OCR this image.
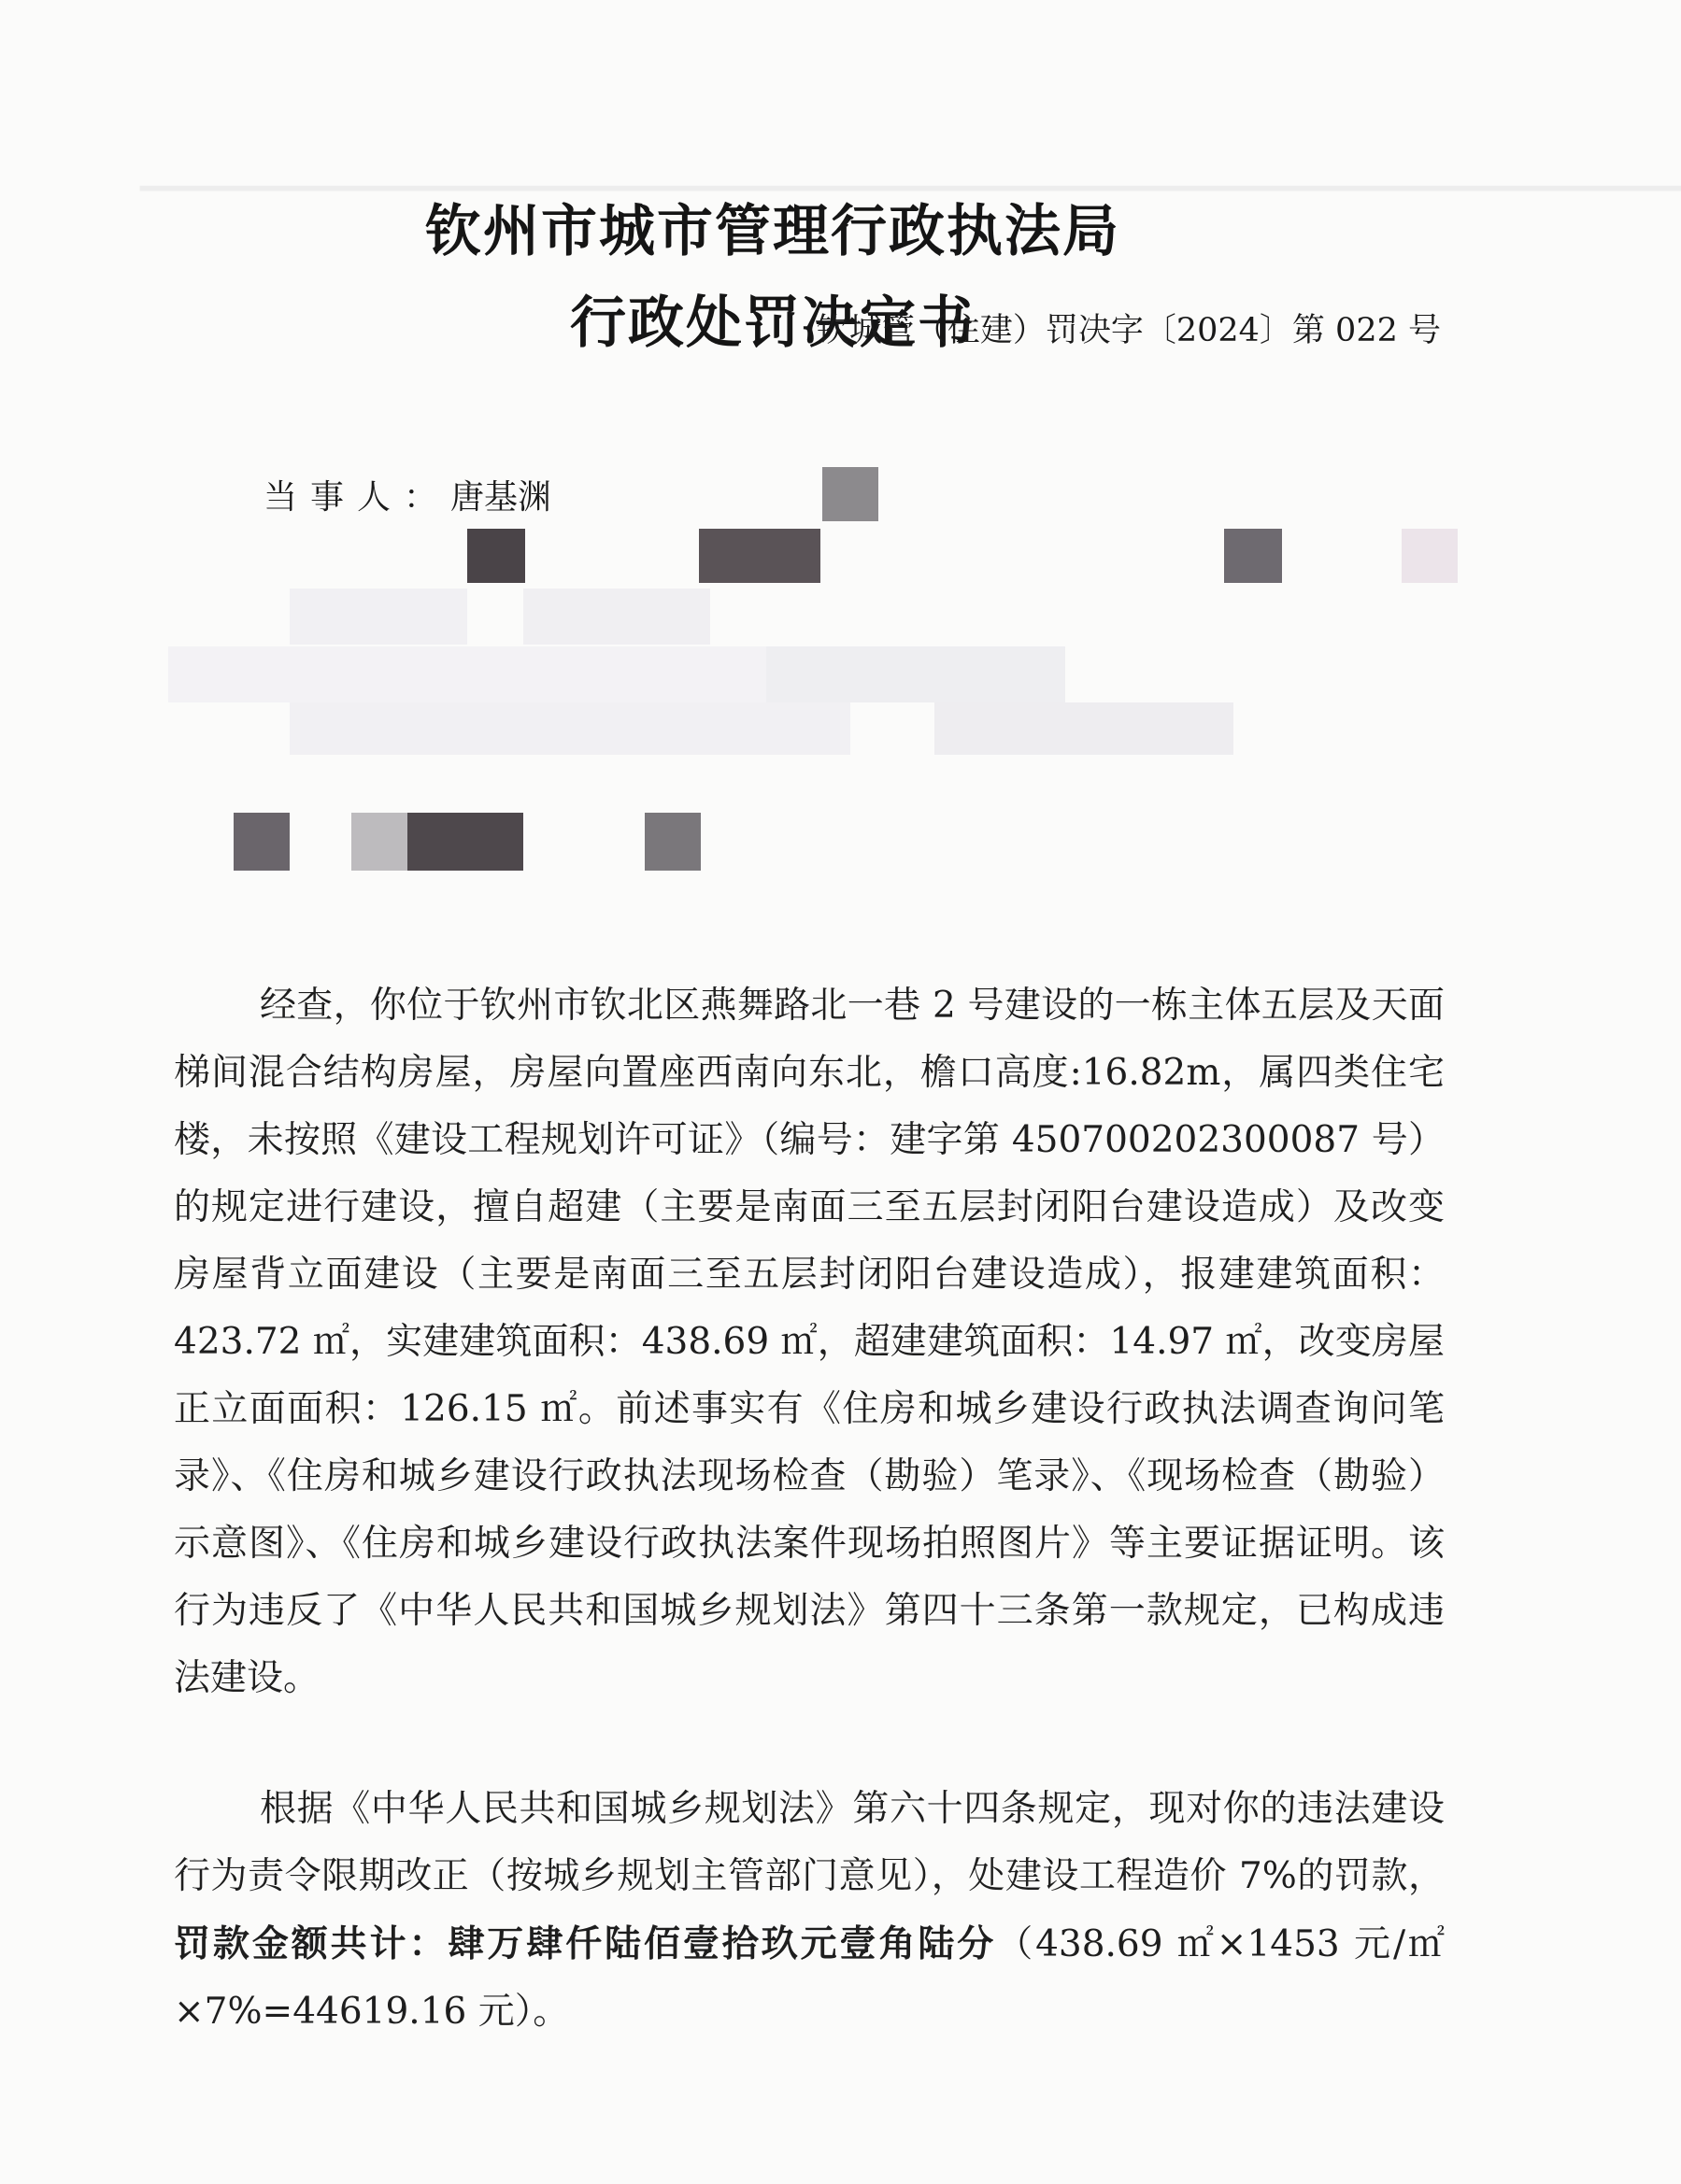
━━━━━━━━━━━━━━━━━━━━━━━━━━━━━━━━━━━━━━━━━━━━━━━━━━━━━━━━━━━━━━━━━━━━━━━━━━━━━━━━━━━
钦州市城市管理行政执法局
行政处罚决定书
钦城管（住建）罚决字〔2024〕第 022 号
当事人：唐基渊

经查，你位于钦州市钦北区燕舞路北一巷 2 号建设的一栋主体五层及天面梯间混合结构房屋，房屋向置座西南向东北，檐口高度:16.82m，属四类住宅楼，未按照《建设工程规划许可证》（编号：建字第 450700202300087 号）的规定进行建设，擅自超建（主要是南面三至五层封闭阳台建设造成）及改变房屋背立面建设（主要是南面三至五层封闭阳台建设造成），报建建筑面积：423.72 ㎡，实建建筑面积：438.69 ㎡，超建建筑面积：14.97 ㎡，改变房屋正立面面积：126.15 ㎡。前述事实有《住房和城乡建设行政执法调查询问笔录》、《住房和城乡建设行政执法现场检查（勘验）笔录》、《现场检查（勘验）示意图》、《住房和城乡建设行政执法案件现场拍照图片》等主要证据证明。该行为违反了《中华人民共和国城乡规划法》第四十三条第一款规定，已构成违法建设。

根据《中华人民共和国城乡规划法》第六十四条规定，现对你的违法建设行为责令限期改正（按城乡规划主管部门意见），处建设工程造价 7%的罚款，罚款金额共计：肆万肆仟陆佰壹拾玖元壹角陆分（438.69 ㎡×1453 元/㎡×7%=44619.16 元）。
